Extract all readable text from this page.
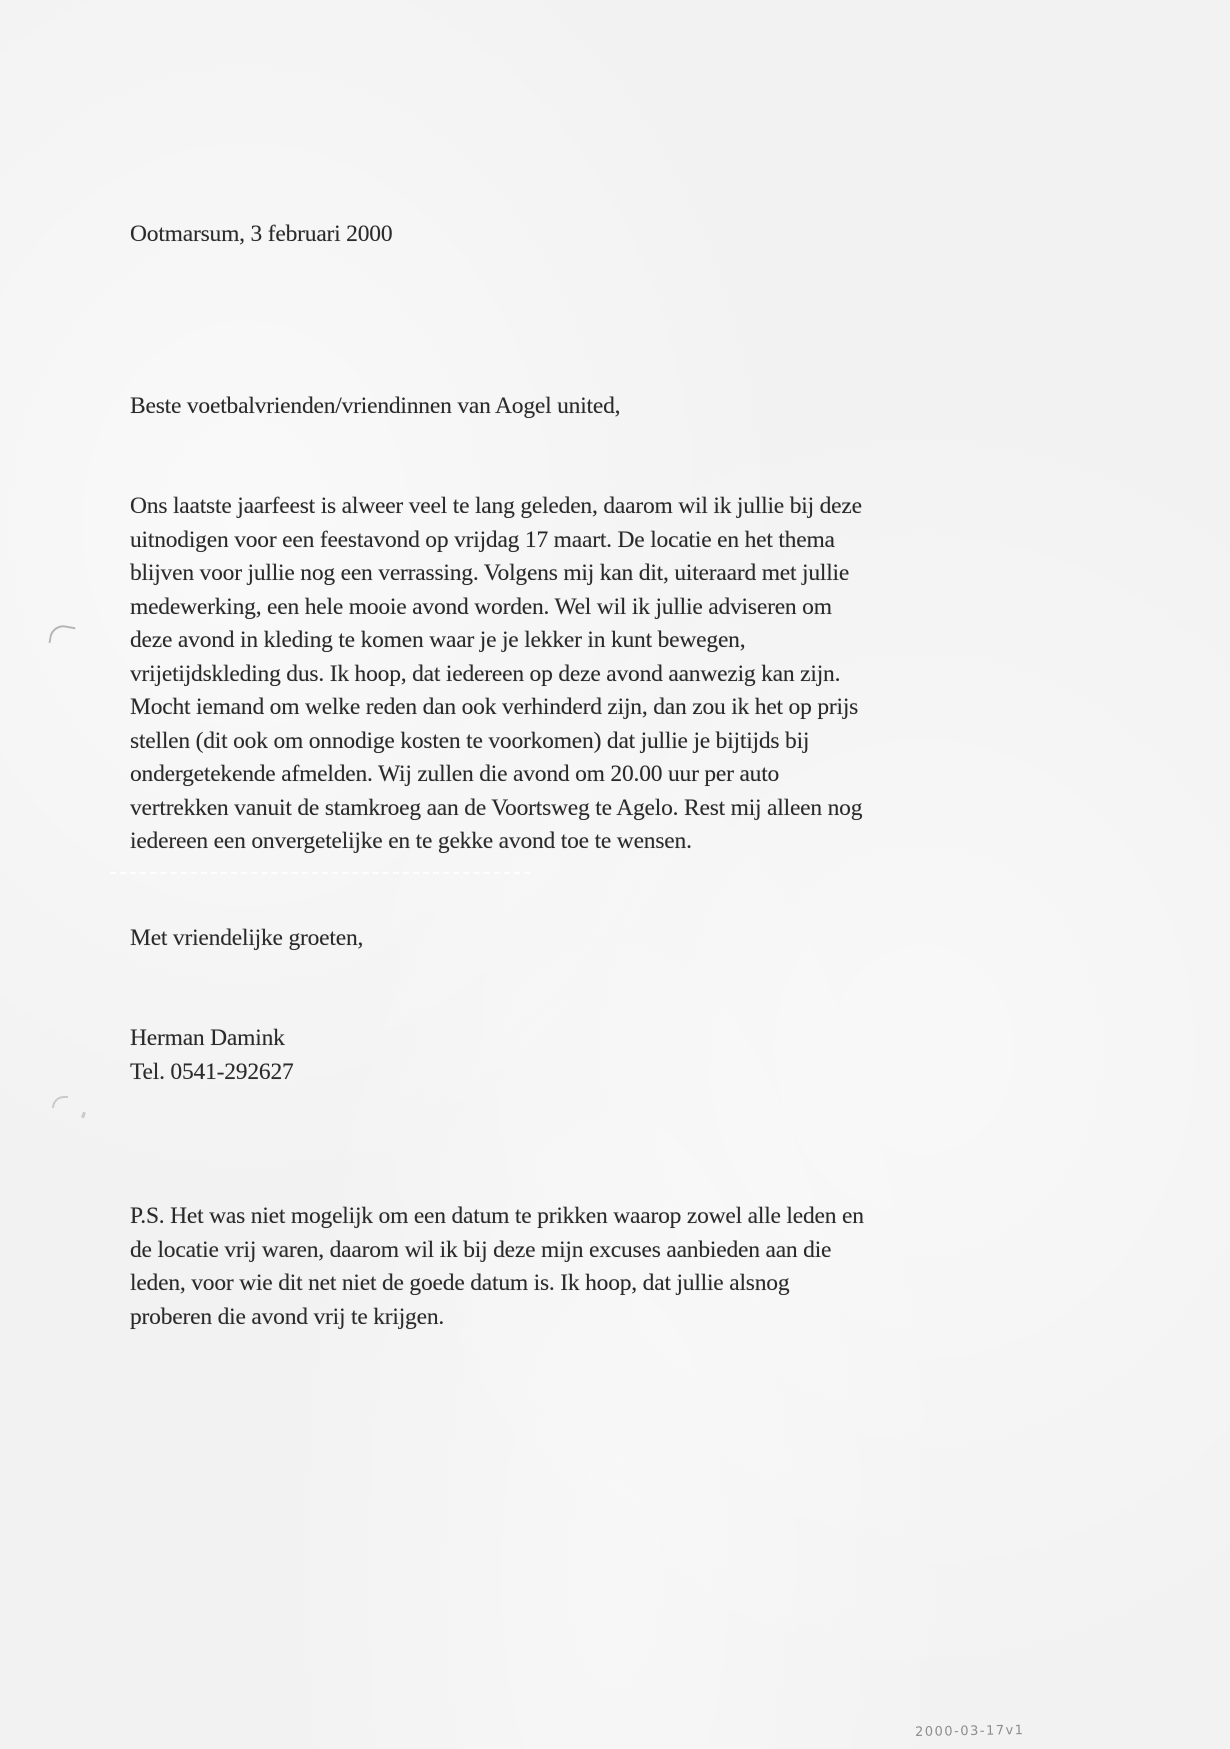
Ootmarsum, 3 februari 2000
Beste voetbalvrienden/vriendinnen van Aogel united,
Ons laatste jaarfeest is alweer veel te lang geleden, daarom wil ik jullie bij deze
uitnodigen voor een feestavond op vrijdag 17 maart. De locatie en het thema
blijven voor jullie nog een verrassing. Volgens mij kan dit, uiteraard met jullie
medewerking, een hele mooie avond worden. Wel wil ik jullie adviseren om
deze avond in kleding te komen waar je je lekker in kunt bewegen,
vrijetijdskleding dus. Ik hoop, dat iedereen op deze avond aanwezig kan zijn.
Mocht iemand om welke reden dan ook verhinderd zijn, dan zou ik het op prijs
stellen (dit ook om onnodige kosten te voorkomen) dat jullie je bijtijds bij
ondergetekende afmelden. Wij zullen die avond om 20.00 uur per auto
vertrekken vanuit de stamkroeg aan de Voortsweg te Agelo. Rest mij alleen nog
iedereen een onvergetelijke en te gekke avond toe te wensen.
Met vriendelijke groeten,
Herman Damink
Tel. 0541-292627
P.S. Het was niet mogelijk om een datum te prikken waarop zowel alle leden en
de locatie vrij waren, daarom wil ik bij deze mijn excuses aanbieden aan die
leden, voor wie dit net niet de goede datum is. Ik hoop, dat jullie alsnog
proberen die avond vrij te krijgen.
2000-03-17v1
